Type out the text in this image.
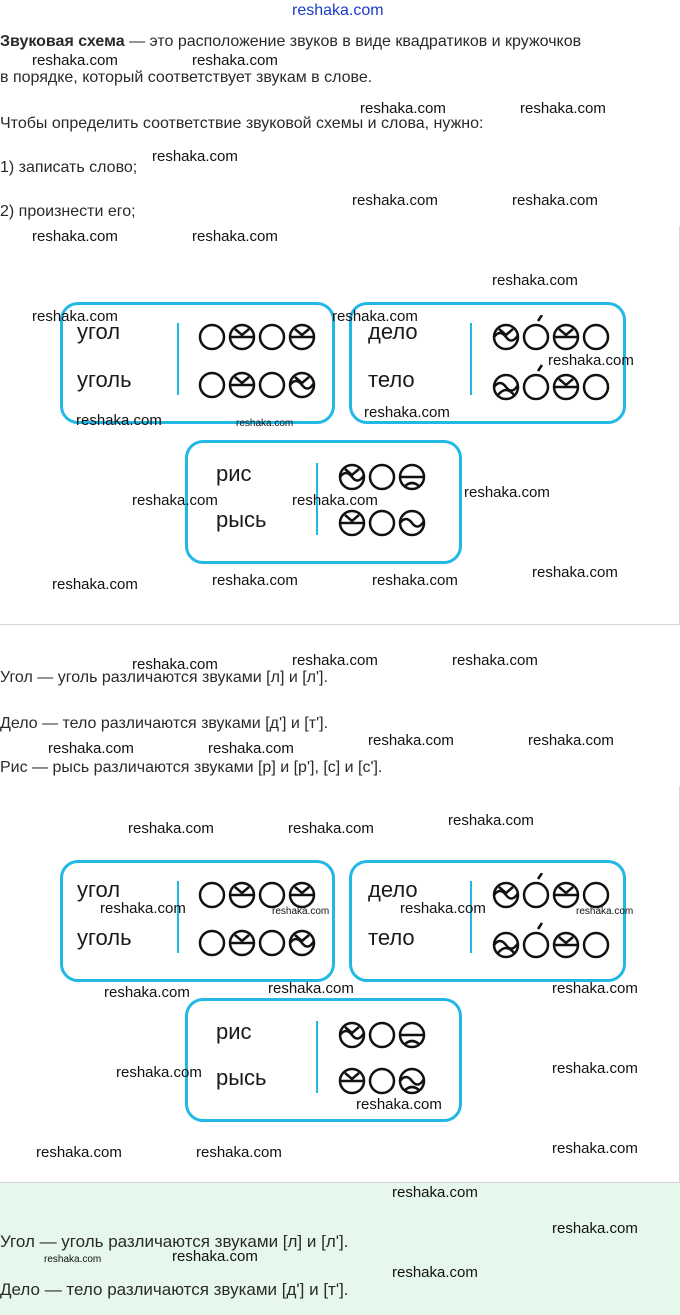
reshaka.com

Звуковая схема — это расположение звуков в виде квадратиков и кружочков

в порядке, который соответствует звукам в слове.

Чтобы определить соответствие звуковой схемы и слова, нужно:

1) записать слово;

2) произнести его;

угол
уголь
дело
тело
рис
рысь

Угол — уголь различаются звуками [л] и [л'].

Дело — тело различаются звуками [д'] и [т'].

Рис — рысь различаются звуками [р] и [р'], [с] и [с'].

угол
уголь
дело
тело
рис
рысь

Угол — уголь различаются звуками [л] и [л'].

Дело — тело различаются звуками [д'] и [т'].

reshaka.com	reshaka.com
reshaka.com	reshaka.com
reshaka.com
reshaka.com	reshaka.com
reshaka.com	reshaka.com
reshaka.com
reshaka.com	reshaka.com
reshaka.com
reshaka.com
reshaka.com	reshaka.com
reshaka.com
reshaka.com	reshaka.com
reshaka.com
reshaka.com	reshaka.com
reshaka.com
reshaka.com	reshaka.com
reshaka.com
reshaka.com	reshaka.com
reshaka.com	reshaka.com
reshaka.com
reshaka.com	reshaka.com
reshaka.com	reshaka.com	reshaka.com	reshaka.com
reshaka.com	reshaka.com
reshaka.com
reshaka.com	reshaka.com
reshaka.com
reshaka.com
reshaka.com	reshaka.com
reshaka.com
reshaka.com
reshaka.com	reshaka.com
reshaka.com
